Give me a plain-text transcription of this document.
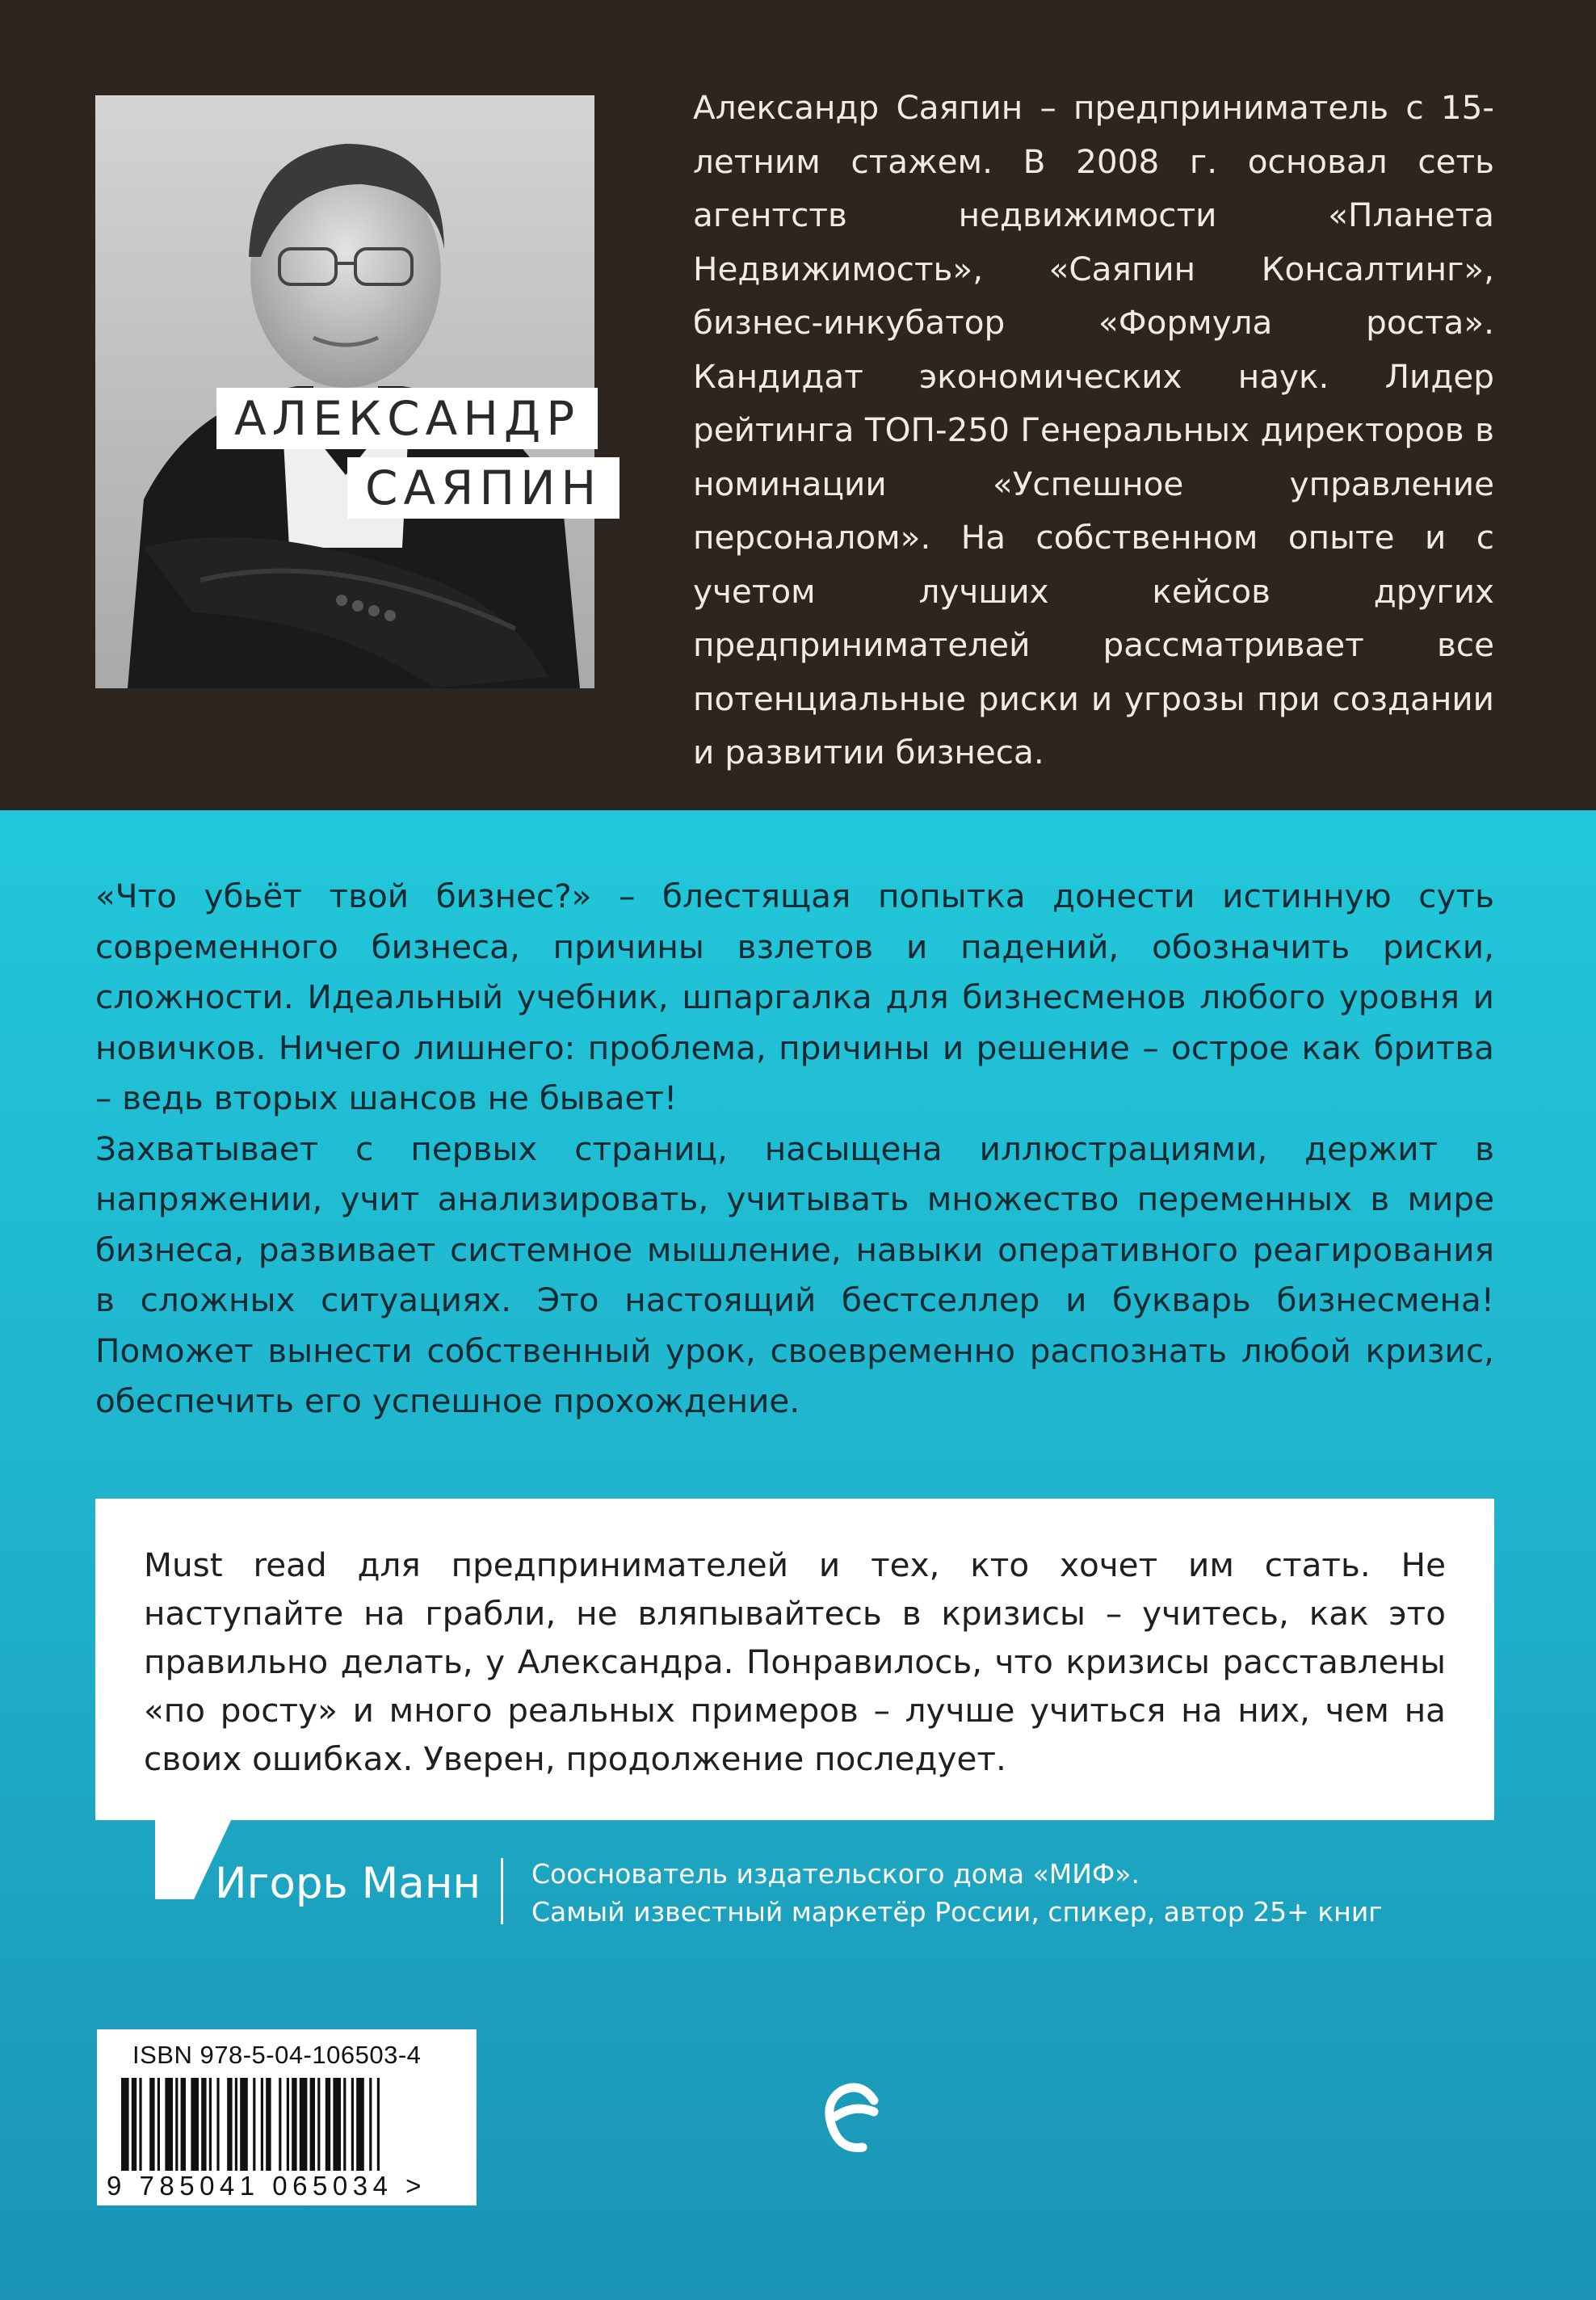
АЛЕКСАНДР
САЯПИН

Александр Саяпин – предприниматель с 15-летним стажем. В 2008 г. основал сеть агентств недвижимости «Планета Недвижимость», «Саяпин Консалтинг», бизнес-инкубатор «Формула роста». Кандидат экономических наук. Лидер рейтинга ТОП-250 Генеральных директоров в номинации «Успешное управление персоналом». На собственном опыте и с учетом лучших кейсов других предпринимателей рассматривает все потенциальные риски и угрозы при создании и развитии бизнеса.

«Что убьёт твой бизнес?» – блестящая попытка донести истинную суть современного бизнеса, причины взлетов и падений, обозначить риски, сложности. Идеальный учебник, шпаргалка для бизнесменов любого уровня и новичков. Ничего лишнего: проблема, причины и решение – острое как бритва – ведь вторых шансов не бывает!

Захватывает с первых страниц, насыщена иллюстрациями, держит в напряжении, учит анализировать, учитывать множество переменных в мире бизнеса, развивает системное мышление, навыки оперативного реагирования в сложных ситуациях. Это настоящий бестселлер и букварь бизнесмена! Поможет вынести собственный урок, своевременно распознать любой кризис, обеспечить его успешное прохождение.

Must read для предпринимателей и тех, кто хочет им стать. Не наступайте на грабли, не вляпывайтесь в кризисы – учитесь, как это правильно делать, у Александра. Понравилось, что кризисы расставлены «по росту» и много реальных примеров – лучше учиться на них, чем на своих ошибках. Уверен, продолжение последует.

Игорь Манн Сооснователь издательского дома «МИФ».
Самый известный маркетёр России, спикер, автор 25+ книг
ISBN 978-5-04-106503-4
9 785041 065034 >
